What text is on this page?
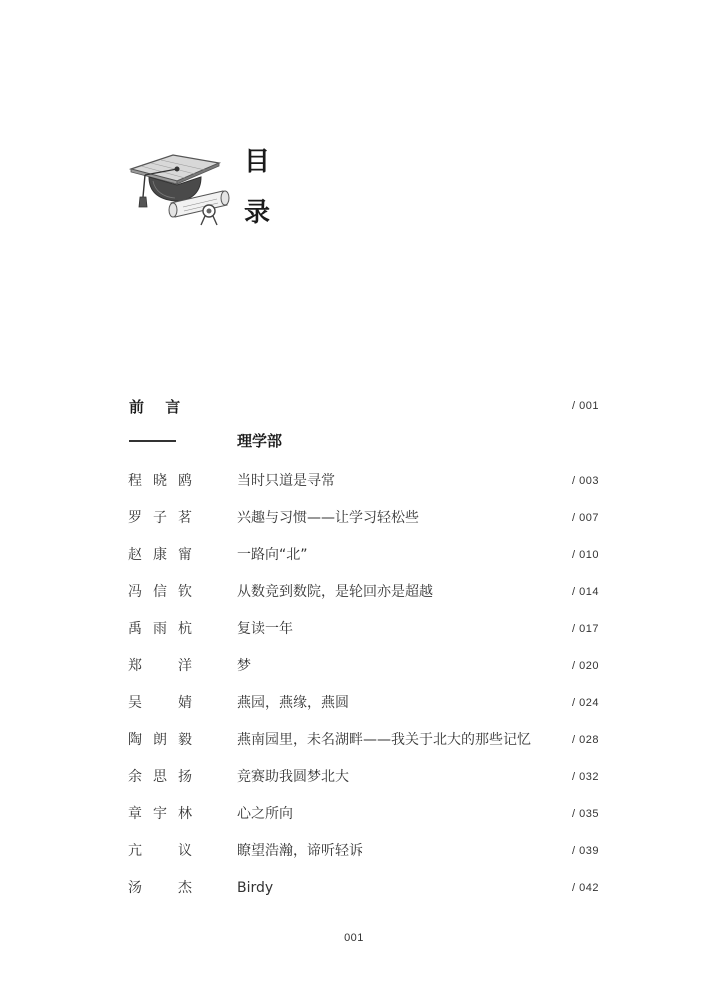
目
录
前 言	/ 001
理学部
程晓鸥	当时只道是寻常	/ 003
罗子茗	兴趣与习惯——让学习轻松些	/ 007
赵康甯	一路向“北”	/ 010
冯信钦	从数竞到数院，是轮回亦是超越	/ 014
禹雨杭	复读一年	/ 017
郑 洋	梦	/ 020
吴 婧	燕园，燕缘，燕圆	/ 024
陶朗毅	燕南园里，未名湖畔——我关于北大的那些记忆	/ 028
余思扬	竞赛助我圆梦北大	/ 032
章宇林	心之所向	/ 035
亢 议	瞭望浩瀚，谛听轻诉	/ 039
汤 杰	Birdy	/ 042
001
